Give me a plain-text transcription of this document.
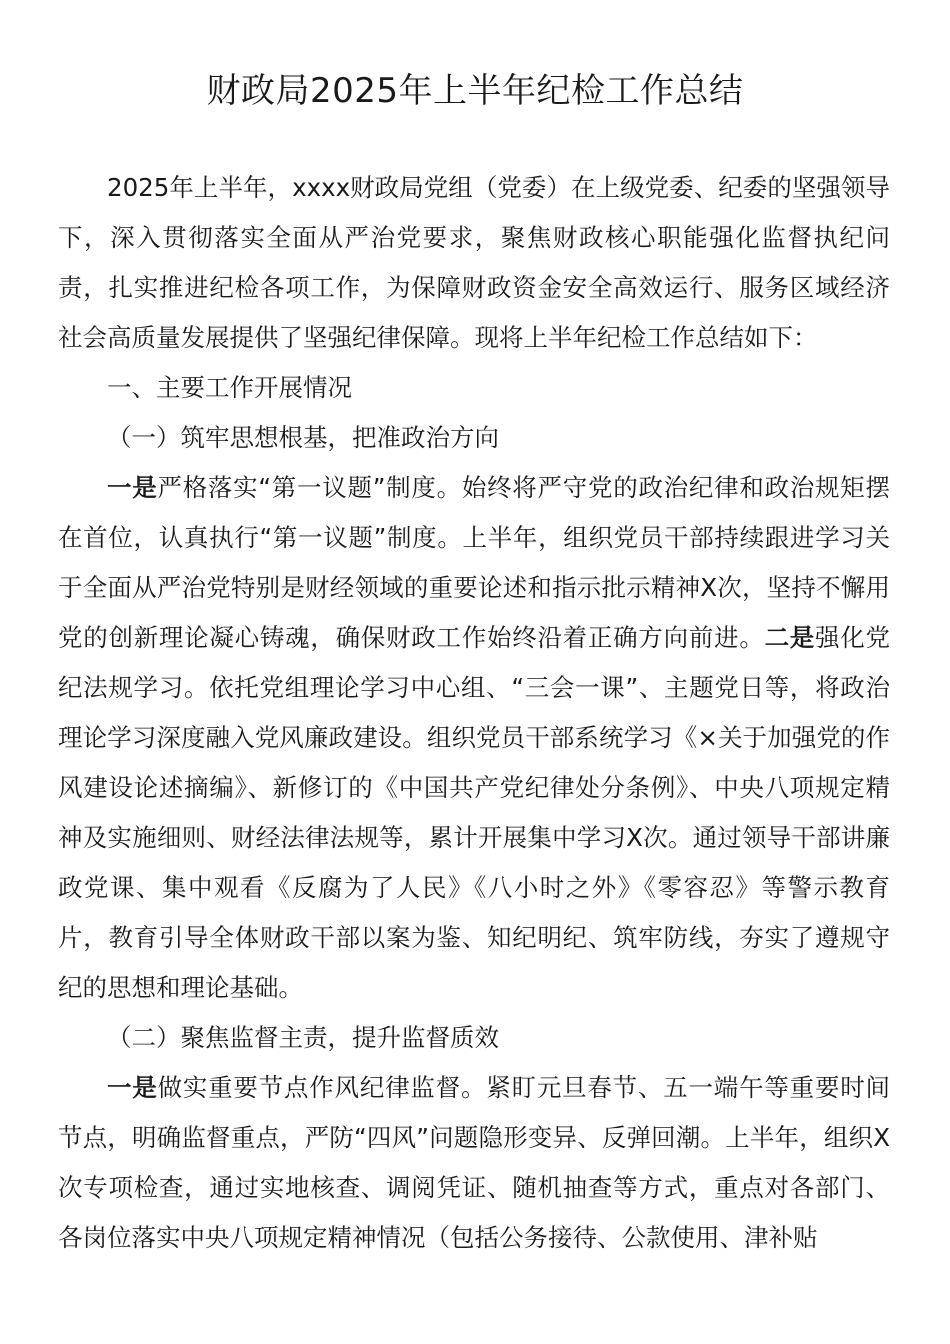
财政局2025年上半年纪检工作总结

2025年上半年，xxxx财政局党组（党委）在上级党委、纪委的坚强领导下，深入贯彻落实全面从严治党要求，聚焦财政核心职能强化监督执纪问责，扎实推进纪检各项工作，为保障财政资金安全高效运行、服务区域经济社会高质量发展提供了坚强纪律保障。现将上半年纪检工作总结如下：

一、主要工作开展情况

（一）筑牢思想根基，把准政治方向

一是严格落实“第一议题”制度。始终将严守党的政治纪律和政治规矩摆在首位，认真执行“第一议题”制度。上半年，组织党员干部持续跟进学习关于全面从严治党特别是财经领域的重要论述和指示批示精神X次，坚持不懈用党的创新理论凝心铸魂，确保财政工作始终沿着正确方向前进。二是强化党纪法规学习。依托党组理论学习中心组、“三会一课”、主题党日等，将政治理论学习深度融入党风廉政建设。组织党员干部系统学习《×关于加强党的作风建设论述摘编》、新修订的《中国共产党纪律处分条例》、中央八项规定精神及实施细则、财经法律法规等，累计开展集中学习X次。通过领导干部讲廉政党课、集中观看《反腐为了人民》《八小时之外》《零容忍》等警示教育片，教育引导全体财政干部以案为鉴、知纪明纪、筑牢防线，夯实了遵规守纪的思想和理论基础。

（二）聚焦监督主责，提升监督质效

一是做实重要节点作风纪律监督。紧盯元旦春节、五一端午等重要时间节点，明确监督重点，严防“四风”问题隐形变异、反弹回潮。上半年，组织X次专项检查，通过实地核查、调阅凭证、随机抽查等方式，重点对各部门、各岗位落实中央八项规定精神情况（包括公务接待、公款使用、津补贴
